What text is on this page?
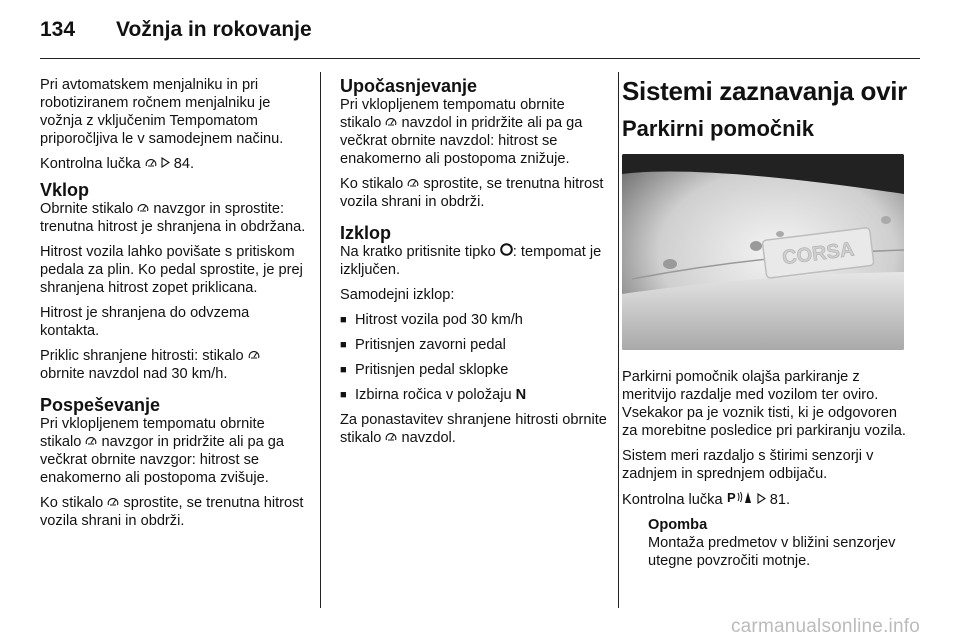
134	Vožnja in rokovanje

Pri avtomatskem menjalniku in pri robotiziranem ročnem menjalniku je vožnja z vključenim Tempomatom priporočljiva le v samodejnem načinu.

Kontrolna lučka 84.

Vklop

Obrnite stikalo navzgor in sprostite: trenutna hitrost je shranjena in obdržana.

Hitrost vozila lahko povišate s pritiskom pedala za plin. Ko pedal sprostite, je prej shranjena hitrost zopet priklicana.

Hitrost je shranjena do odvzema kontakta.

Priklic shranjene hitrosti: stikalo  obrnite navzdol nad 30 km/h.

Pospeševanje

Pri vklopljenem tempomatu obrnite stikalo navzgor in pridržite ali pa ga večkrat obrnite navzgor: hitrost se enakomerno ali postopoma zvišuje.

Ko stikalo sprostite, se trenutna hitrost vozila shrani in obdrži.

Upočasnjevanje

Pri vklopljenem tempomatu obrnite stikalo navzdol in pridržite ali pa ga večkrat obrnite navzdol: hitrost se enakomerno ali postopoma znižuje.

Ko stikalo sprostite, se trenutna hitrost vozila shrani in obdrži.

Izklop

Na kratko pritisnite tipko : tempomat je izključen.

Samodejni izklop:

■ Hitrost vozila pod 30 km/h
■ Pritisnjen zavorni pedal
■ Pritisnjen pedal sklopke
■ Izbirna ročica v položaju N

Za ponastavitev shranjene hitrosti obrnite stikalo navzdol.

Sistemi zaznavanja ovir
Parkirni pomočnik
CORSA

Parkirni pomočnik olajša parkiranje z meritvijo razdalje med vozilom ter oviro. Vsekakor pa je voznik tisti, ki je odgovoren za morebitne posledice pri parkiranju vozila.

Sistem meri razdaljo s štirimi senzorji v zadnjem in sprednjem odbijaču.

Kontrolna lučka P 81.

Opomba
Montaža predmetov v bližini senzorjev utegne povzročiti motnje.
carmanualsonline.info
